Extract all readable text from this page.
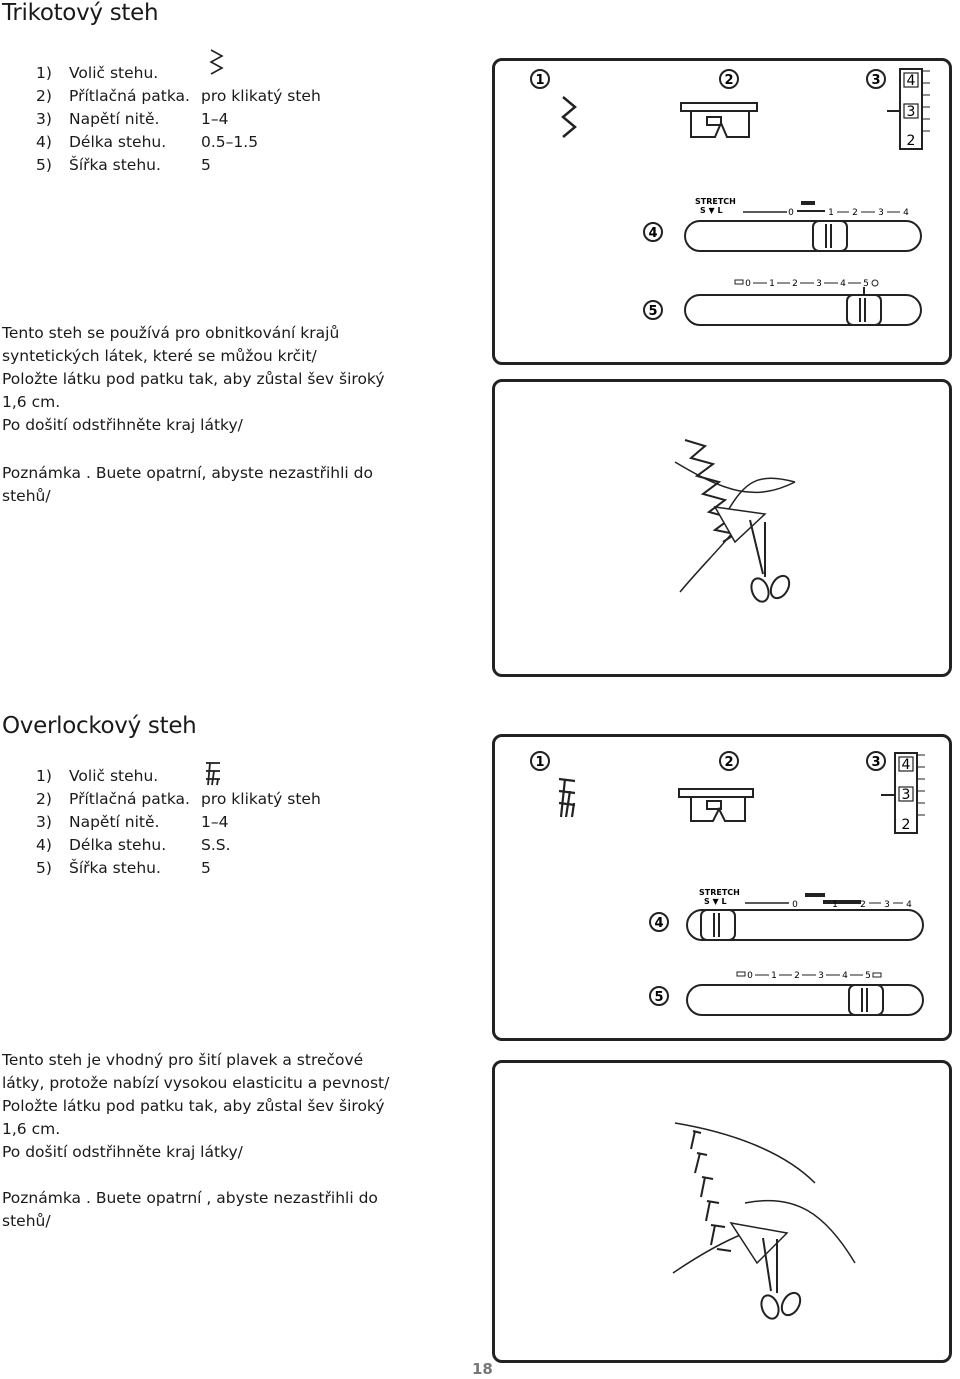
Trikotový steh
1) Volič stehu.
2) Přítlačná patka. pro klikatý steh
3) Napětí nitě.	1–4
4) Délka stehu. 0.5–1.5
5) Šířka stehu.	5
Tento steh se používá pro obnitkování krajů
syntetických látek, které se můžou krčit/
Položte látku pod patku tak, aby zůstal šev široký
1,6 cm.
Po došití odstřihněte kraj látky/
Poznámka . Buete opatrní, abyste nezastřihli do
stehů/
1	2	3
4
5
4
3
2
STRETCH
S ▼ L	0	1 2 3 4
0 1 2 3 4 5
Overlockový steh
1) Volič stehu.
2) Přítlačná patka. pro klikatý steh
3) Napětí nitě.	1–4
4) Délka stehu. S.S.
5) Šířka stehu.	5
Tento steh je vhodný pro šití plavek a strečové
látky, protože nabízí vysokou elasticitu a pevnost/
Položte látku pod patku tak, aby zůstal šev široký
1,6 cm.
Po došití odstřihněte kraj látky/
Poznámka . Buete opatrní , abyste nezastřihli do
stehů/
1	2	3
4
5
4
3
2
STRETCH
S ▼ L	0	1 2 3 4
0 1 2 3 4 5
18
